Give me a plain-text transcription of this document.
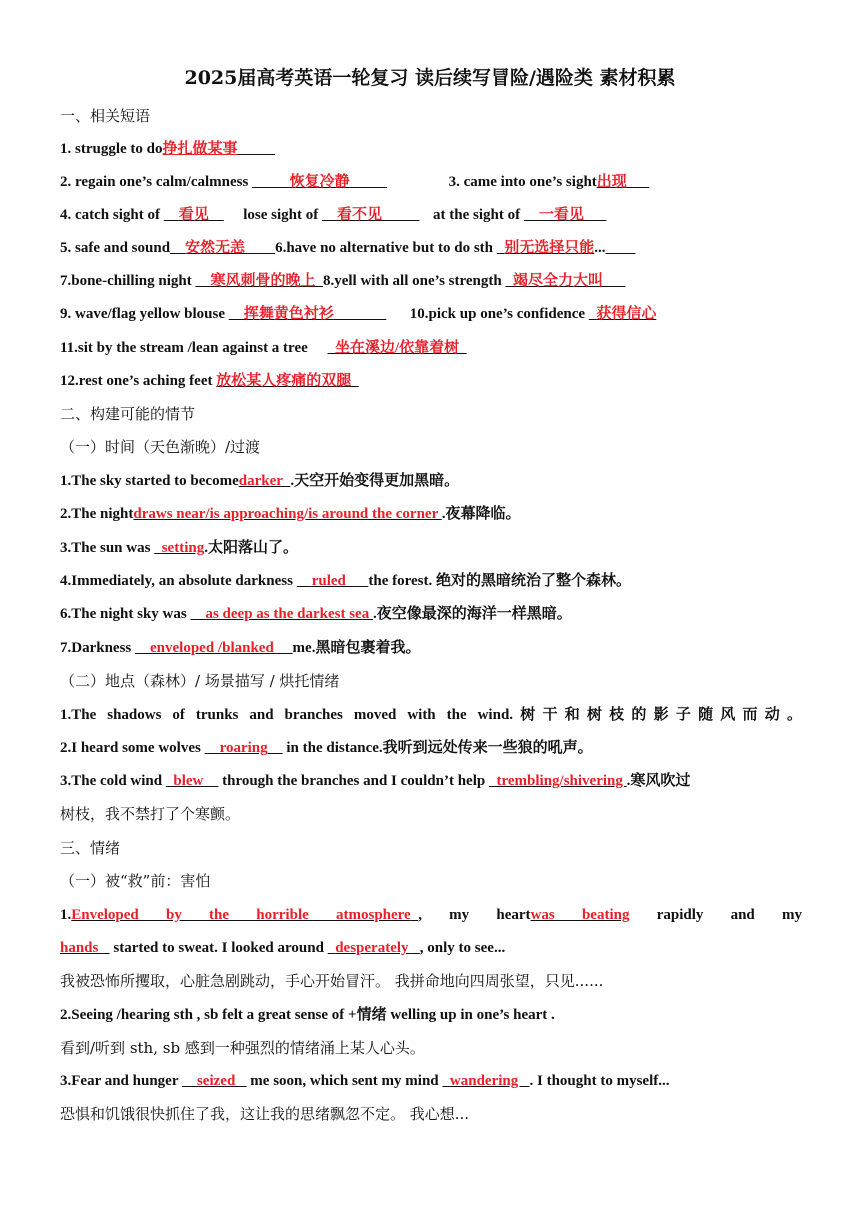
2025届高考英语一轮复习 读后续写冒险/遇险类 素材积累
一、相关短语
1. struggle to do挣扎做某事   
2. regain one’s calm/calmness     	恢复冷静   	3. came into one’s sight出现  
4. catch sight of   看见  lose sight of   看不见   	at the sight of   一看见  
5. safe and sound   安然无恙   6.have no alternative but to do sth  别无选择只能...  
7.bone-chilling night   寒风刺骨的晚上  8.yell with all one’s strength  竭尽全力大叫  
9. wave/flag yellow blouse   挥舞黄色衬衫    	10.pick up one’s confidence  获得信心
11.sit by the stream /lean against a tree  坐在溪边/依靠着树 
12.rest one’s aching feet 放松某人疼痛的双腿 
二、构建可能的情节
（一）时间（天色渐晚）/过渡
1.The sky started to becomedarker  .天空开始变得更加黑暗。
2.The nightdraws near/is approaching/is around the corner .夜幕降临。
3.The sun was  setting.太阳落山了。
4.Immediately, an absolute darkness   ruled   the forest. 绝对的黑暗统治了整个森林。
6.The night sky was   as deep as the darkest sea .夜空像最深的海洋一样黑暗。
7.Darkness   enveloped /blanked  me.黑暗包裹着我。
（二）地点（森林）/ 场景描写 / 烘托情绪
1.The shadows of trunks and branches moved with the wind.树干和树枝的影子随风而动。
2.I heard some wolves   roaring   in the distance.我听到远处传来一些狼的吼声。
3.The cold wind  blew   through the branches and I couldn’t help  trembling/shivering .寒风吹过
树枝，我不禁打了个寒颤。
三、情绪
（一）被“救”前：害怕
1.Enveloped by the horrible atmosphere  , my heartwas beating rapidly and my
hands   started to sweat. I looked around  desperately  , only to see...
我被恐怖所攫取，心脏急剧跳动，手心开始冒汗。 我拼命地向四周张望，只见......
2.Seeing /hearing sth , sb felt a great sense of +情绪 welling up in one’s heart .
看到/听到 sth, sb 感到一种强烈的情绪涌上某人心头。
3.Fear and hunger   seized   me soon, which sent my mind  wandering  . I thought to myself...
恐惧和饥饿很快抓住了我，这让我的思绪飘忽不定。 我心想...
